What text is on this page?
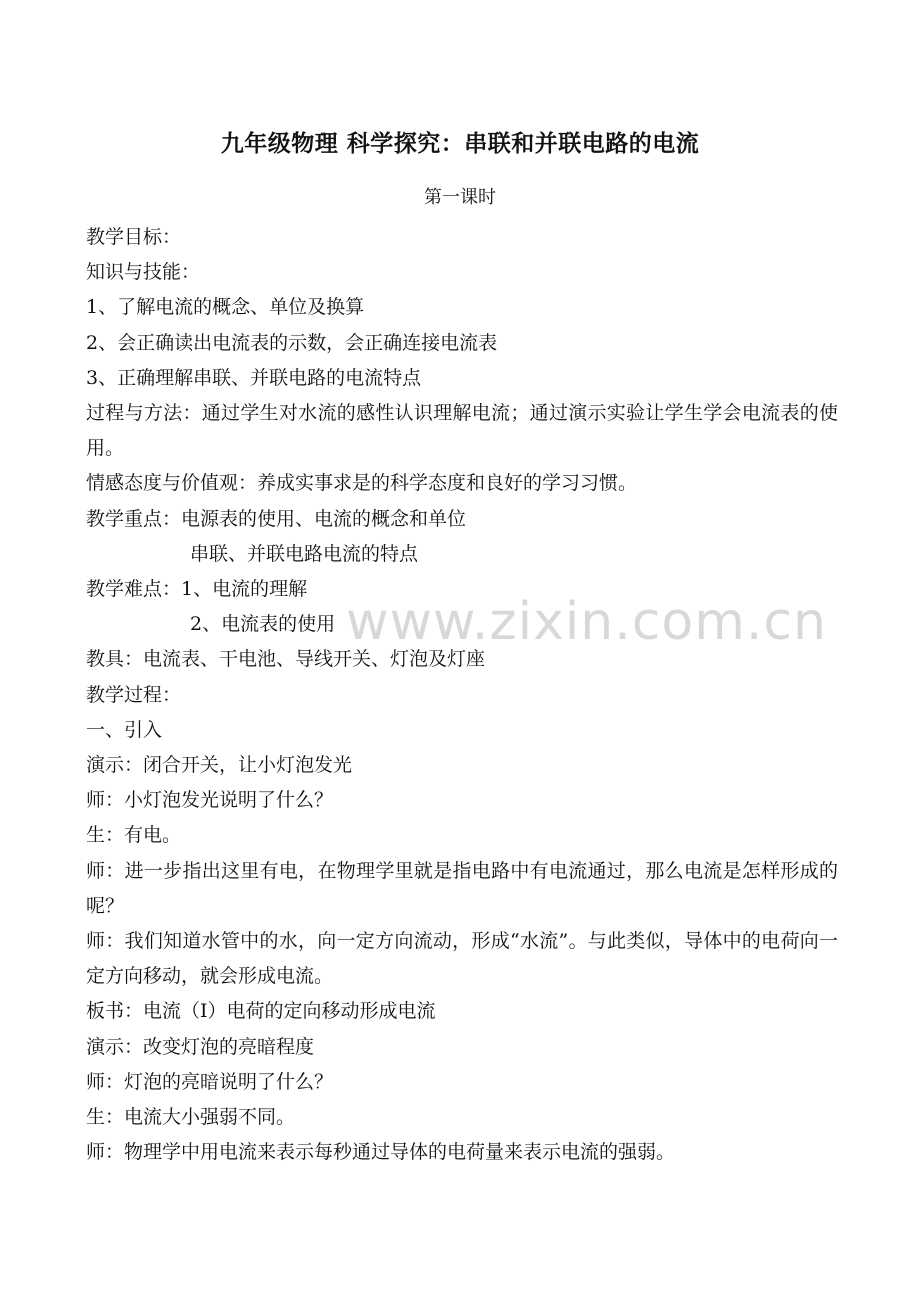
九年级物理 科学探究：串联和并联电路的电流
第一课时
教学目标：
知识与技能：
1、了解电流的概念、单位及换算
2、会正确读出电流表的示数，会正确连接电流表
3、正确理解串联、并联电路的电流特点
过程与方法：通过学生对水流的感性认识理解电流；通过演示实验让学生学会电流表的使用。
情感态度与价值观：养成实事求是的科学态度和良好的学习习惯。
教学重点：电源表的使用、电流的概念和单位
串联、并联电路电流的特点
教学难点：1、电流的理解
2、电流表的使用
教具：电流表、干电池、导线开关、灯泡及灯座
教学过程：
一、引入
演示：闭合开关，让小灯泡发光
师：小灯泡发光说明了什么？
生：有电。
师：进一步指出这里有电，在物理学里就是指电路中有电流通过，那么电流是怎样形成的呢？
师：我们知道水管中的水，向一定方向流动，形成“水流”。与此类似，导体中的电荷向一定方向移动，就会形成电流。
板书：电流（I）电荷的定向移动形成电流
演示：改变灯泡的亮暗程度
师：灯泡的亮暗说明了什么？
生：电流大小强弱不同。
师：物理学中用电流来表示每秒通过导体的电荷量来表示电流的强弱。
www.zixin.com.cn
